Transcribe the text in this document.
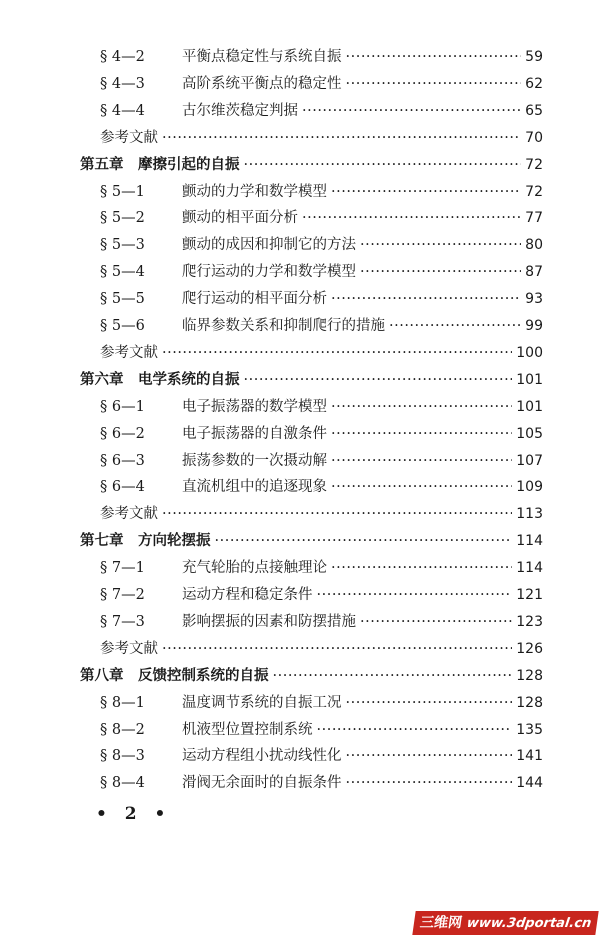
§ 4—2	平衡点稳定性与系统自振 ·····	59
§ 4—3	高阶系统平衡点的稳定性 ·····	62
§ 4—4	古尔维茨稳定判据 ·····	65
参考文献 ·····	70
第五章　摩擦引起的自振 ·····	72
§ 5—1	颤动的力学和数学模型 ·····	72
§ 5—2	颤动的相平面分析 ·····	77
§ 5—3	颤动的成因和抑制它的方法 ·····	80
§ 5—4	爬行运动的力学和数学模型 ·····	87
§ 5—5	爬行运动的相平面分析 ·····	93
§ 5—6	临界参数关系和抑制爬行的措施 ·····	99
参考文献 ·····	100
第六章　电学系统的自振 ·····	101
§ 6—1	电子振荡器的数学模型 ·····	101
§ 6—2	电子振荡器的自激条件 ·····	105
§ 6—3	振荡参数的一次摄动解 ·····	107
§ 6—4	直流机组中的追逐现象 ·····	109
参考文献 ·····	113
第七章　方向轮摆振 ·····	114
§ 7—1	充气轮胎的点接触理论 ·····	114
§ 7—2	运动方程和稳定条件 ·····	121
§ 7—3	影响摆振的因素和防摆措施 ·····	123
参考文献 ·····	126
第八章　反馈控制系统的自振 ·····	128
§ 8—1	温度调节系统的自振工况 ·····	128
§ 8—2	机液型位置控制系统 ·····	135
§ 8—3	运动方程组小扰动线性化 ·····	141
§ 8—4	滑阀无余面时的自振条件 ·····	144
• 2 •
三维网 www.3dportal.cn
